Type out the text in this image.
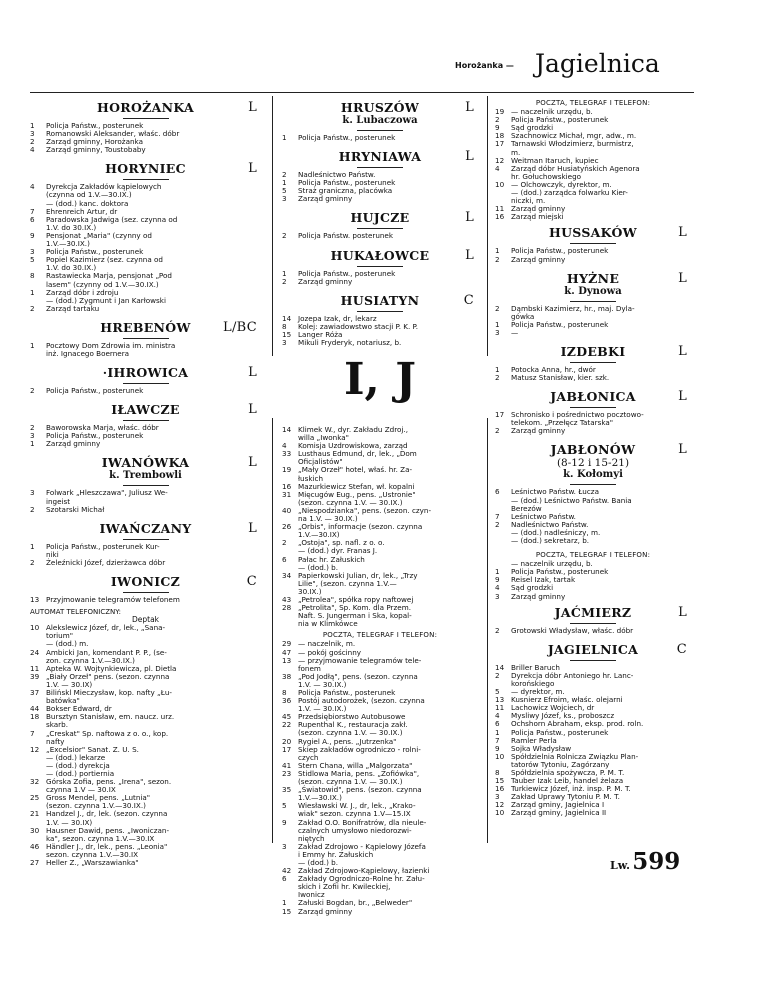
Horożanka — Jagielnica
HOROŻANKA	L
1 Policja Państw., posterunek
3 Romanowski Aleksander, właśc. dóbr
2 Zarząd gminny, Horożanka
4 Zarząd gminny, Toustobaby
HORYNIEC	L
4 Dyrekcja Zakładów kąpielowych
(czynna od 1.V.—30.IX.)
— (dod.) kanc. doktora
7 Ehrenreich Artur, dr
6 Paradowska Jadwiga (sez. czynna od
1.V. do 30.IX.)
9 Pensjonat „Maria" (czynny od
1.V.—30.IX.)
3 Policja Państw., posterunek
5 Popiel Kazimierz (sez. czynna od
1.V. do 30.IX.)
8 Rastawiecka Marja, pensjonat „Pod
lasem" (czynny od 1.V.—30.IX.)
1 Zarząd dóbr i zdroju
— (dod.) Zygmunt i Jan Karłowski
2 Zarząd tartaku
HREBENÓW L/BC
1 Pocztowy Dom Zdrowia im. ministra
inż. Ignacego Boernera
·IHROWICA	L
2 Policja Państw., posterunek
IŁAWCZE	L
2 Baworowska Marja, właśc. dóbr
3 Policja Państw., posterunek
1 Zarząd gminny
IWANÓWKA	L
k. Trembowli
3 Folwark „Hleszczawa", Juliusz We-
ingeist
2 Szotarski Michał
IWAŃCZANY	L
1 Policja Państw., posterunek Kur-
niki
2 Żeleźnicki Józef, dzierżawca dóbr
IWONICZ	C
13 Przyjmowanie telegramów telefonem
AUTOMAT TELEFONICZNY:
Deptak
10 Alekslewicz Józef, dr, lek., „Sana-
torium"
— (dod.) m.
24 Ambicki Jan, komendant P. P., (se-
zon. czynna 1.V.—30.IX.)
11 Apteka W. Wojtynkiewicza, pl. Dietla
39 „Biały Orzeł" pens. (sezon. czynna
1.V. — 30.IX)
37 Bilińskl Mieczysław, kop. nafty „Łu-
batówka"
44 Bokser Edward, dr
18 Bursztyn Stanisław, em. naucz. urz.
skarb.
7 „Creskat" Sp. naftowa z o. o., kop.
nafty
12 „Excelsior" Sanat. Z. U. S.
— (dod.) lekarze
— (dod.) dyrekcja
— (dod.) portiernia
32 Górska Zofia, pens. „Irena", sezon.
czynna 1.V — 30.IX
25 Gross Mendel, pens. „Lutnia"
(sezon. czynna 1.V.—30.IX.)
21 Handzel J., dr, lek. (sezon. czynna
1.V. — 30.IX)
30 Hausner Dawid, pens. „Iwoniczan-
ka", sezon. czynna 1.V.—30.IX
46 Händler J., dr, lek., pens. „Leonia"
sezon. czynna 1.V.—30.IX
27 Heller Z., „Warszawianka"
HRUSZÓW	L
k. Lubaczowa
1 Policja Państw., posterunek
HRYNIAWA	L
2 Nadleśnictwo Państw.
1 Policja Państw., posterunek
5 Straż graniczna, placówka
3 Zarząd gminny
HUJCZE	L
2 Policja Państw. posterunek
HUKAŁOWCE	L
1 Policja Państw., posterunek
2 Zarząd gminny
HUSIATYN	C
14 Jozepa Izak, dr, lekarz
8 Kolej: zawiadowstwo stacji P. K. P.
15 Langer Róża
3 Mikuli Fryderyk, notariusz, b.
I, J
14 Klimek W., dyr. Zakładu Zdroj.,
willa „Iwonka"
4 Komisja Uzdrowiskowa, zarząd
33 Lusthaus Edmund, dr, lek., „Dom
Oficjalistów"
19 „Mały Orzeł" hotel, właś. hr. Za-
łuskich
16 Mazurkiewicz Stefan, wł. kopalni
31 Mięcugów Eug., pens. „Ustronie"
(sezon. czynna 1.V. — 30.IX.)
40 „Niespodzianka", pens. (sezon. czyn-
na 1.V. — 30.IX.)
26 „Orbis", informacje (sezon. czynna
1.V.—30.IX)
2 „Ostoja", sp. nafl. z o. o.
— (dod.) dyr. Franas J.
6 Pałac hr. Załuskich
— (dod.) b.
34 Papierkowski Julian, dr, lek., „Trzy
Lilie", (sezon. czynna 1.V.—
30.IX.)
43 „Petrolea", spółka ropy naftowej
28 „Petrolita", Sp. Kom. dla Przem.
Naft. S. Jungerman i Ska, kopal-
nia w Klimkówce
POCZTA, TELEGRAF I TELEFON:
29 — naczelnik, m.
47 — pokój gościnny
13 — przyjmowanie telegramów tele-
fonem
38 „Pod Jodłą", pens. (sezon. czynna
1.V. — 30.IX.)
8 Policja Państw., posterunek
36 Postój autodorożek, (sezon. czynna
1.V. — 30.IX.)
45 Przedsiębiorstwo Autobusowe
22 Rupenthal K., restauracja zakł.
(sezon. czynna 1.V. — 30.IX.)
20 Rygiel A., pens. „Jutrzenka"
17 Skiep zakładów ogrodniczo - rolni-
czych
41 Stern Chana, willa „Malgorzata"
23 Stidlowa Maria, pens. „Zofiówka",
(sezon. czynna 1.V. — 30.IX.)
35 „Światowid", pens. (sezon. czynna
1.V.—30.IX.)
5 Wiesławski W. J., dr, lek., „Krako-
wiak" sezon. czynna 1.V—15.IX
9 Zakład O.O. Bonifratrów, dla nieule-
czalnych umysłowo niedorozwi-
niętych
3 Zakład Zdrojowo - Kąpielowy Józefa
i Emmy hr. Załuskich
— (dod.) b.
42 Zakład Zdrojowo-Kąpielowy, łazienki
6 Zakłady Ogrodniczo-Rolne hr. Zału-
skich i Zofii hr. Kwileckiej,
Iwonicz
1 Załuski Bogdan, br., „Belweder"
15 Zarząd gminny
POCZTA, TELEGRAF I TELEFON:
19 — naczelnik urzędu, b.
2 Policja Państw., posterunek
9 Sąd grodzki
18 Szachnowicz Michał, mgr, adw., m.
17 Tarnawski Włodzimierz, burmistrz,
m.
12 Weitman Itaruch, kupiec
4 Zarząd dóbr Husiatyńskich Agenora
hr. Gołuchowskiego
10 — Olchowczyk, dyrektor, m.
— (dod.) zarządca folwarku Kier-
niczki, m.
11 Zarząd gminny
16 Zarząd miejski
HUSSAKÓW	L
1 Policja Państw., posterunek
2 Zarząd gminny
HYŻNE	L
k. Dynowa
2 Dąmbski Kazimierz, hr., maj. Dyla-
gówka
1 Policja Państw., posterunek
3 —
IZDEBKI	L
1 Potocka Anna, hr., dwór
2 Matusz Stanisław, kier. szk.
JABŁONICA	L
17 Schronisko i pośrednictwo pocztowo-
telekom. „Przełęcz Tatarska"
2 Zarząd gminny
JABŁONÓW	L
(8-12 i 15-21)
k. Kołomyi
6 Leśnictwo Państw. Łucza
— (dod.) Leśnictwo Państw. Bania
Berezów
7 Leśnictwo Państw.
2 Nadleśnictwo Państw.
— (dod.) nadleśniczy, m.
— (dod.) sekretarz, b.
POCZTA, TELEGRAF I TELEFON:
— naczelnik urzędu, b.
1 Policja Państw., posterunek
9 Reisel Izak, tartak
4 Sąd grodzki
3 Zarząd gminny
JAĆMIERZ	L
2 Grotowski Władysław, właśc. dóbr
JAGIELNICA	C
14 Briller Baruch
2 Dyrekcja dóbr Antoniego hr. Lanc-
korońskiego
5 — dyrektor, m.
13 Kusnierz Efroim, właśc. olejarni
11 Lachowicz Wojciech, dr
4 Mysliwy Józef, ks., proboszcz
6 Ochshorn Abraham, eksp. prod. roln.
1 Policja Państw., posterunek
7 Ramler Perla
9 Sojka Władysław
10 Spółdzielnia Rolnicza Związku Plan-
tatorów Tytoniu, Zagórzany
8 Spółdzielnia spożywcza, P. M. T.
15 Tauber Izak Leib, handel żelaza
16 Turkiewicz Józef, inż. insp. P. M. T.
3 Zakład Uprawy Tytoniu P. M. T.
12 Zarząd gminy, Jagielnica I
10 Zarząd gminy, Jagielnica II
Lw. 599
